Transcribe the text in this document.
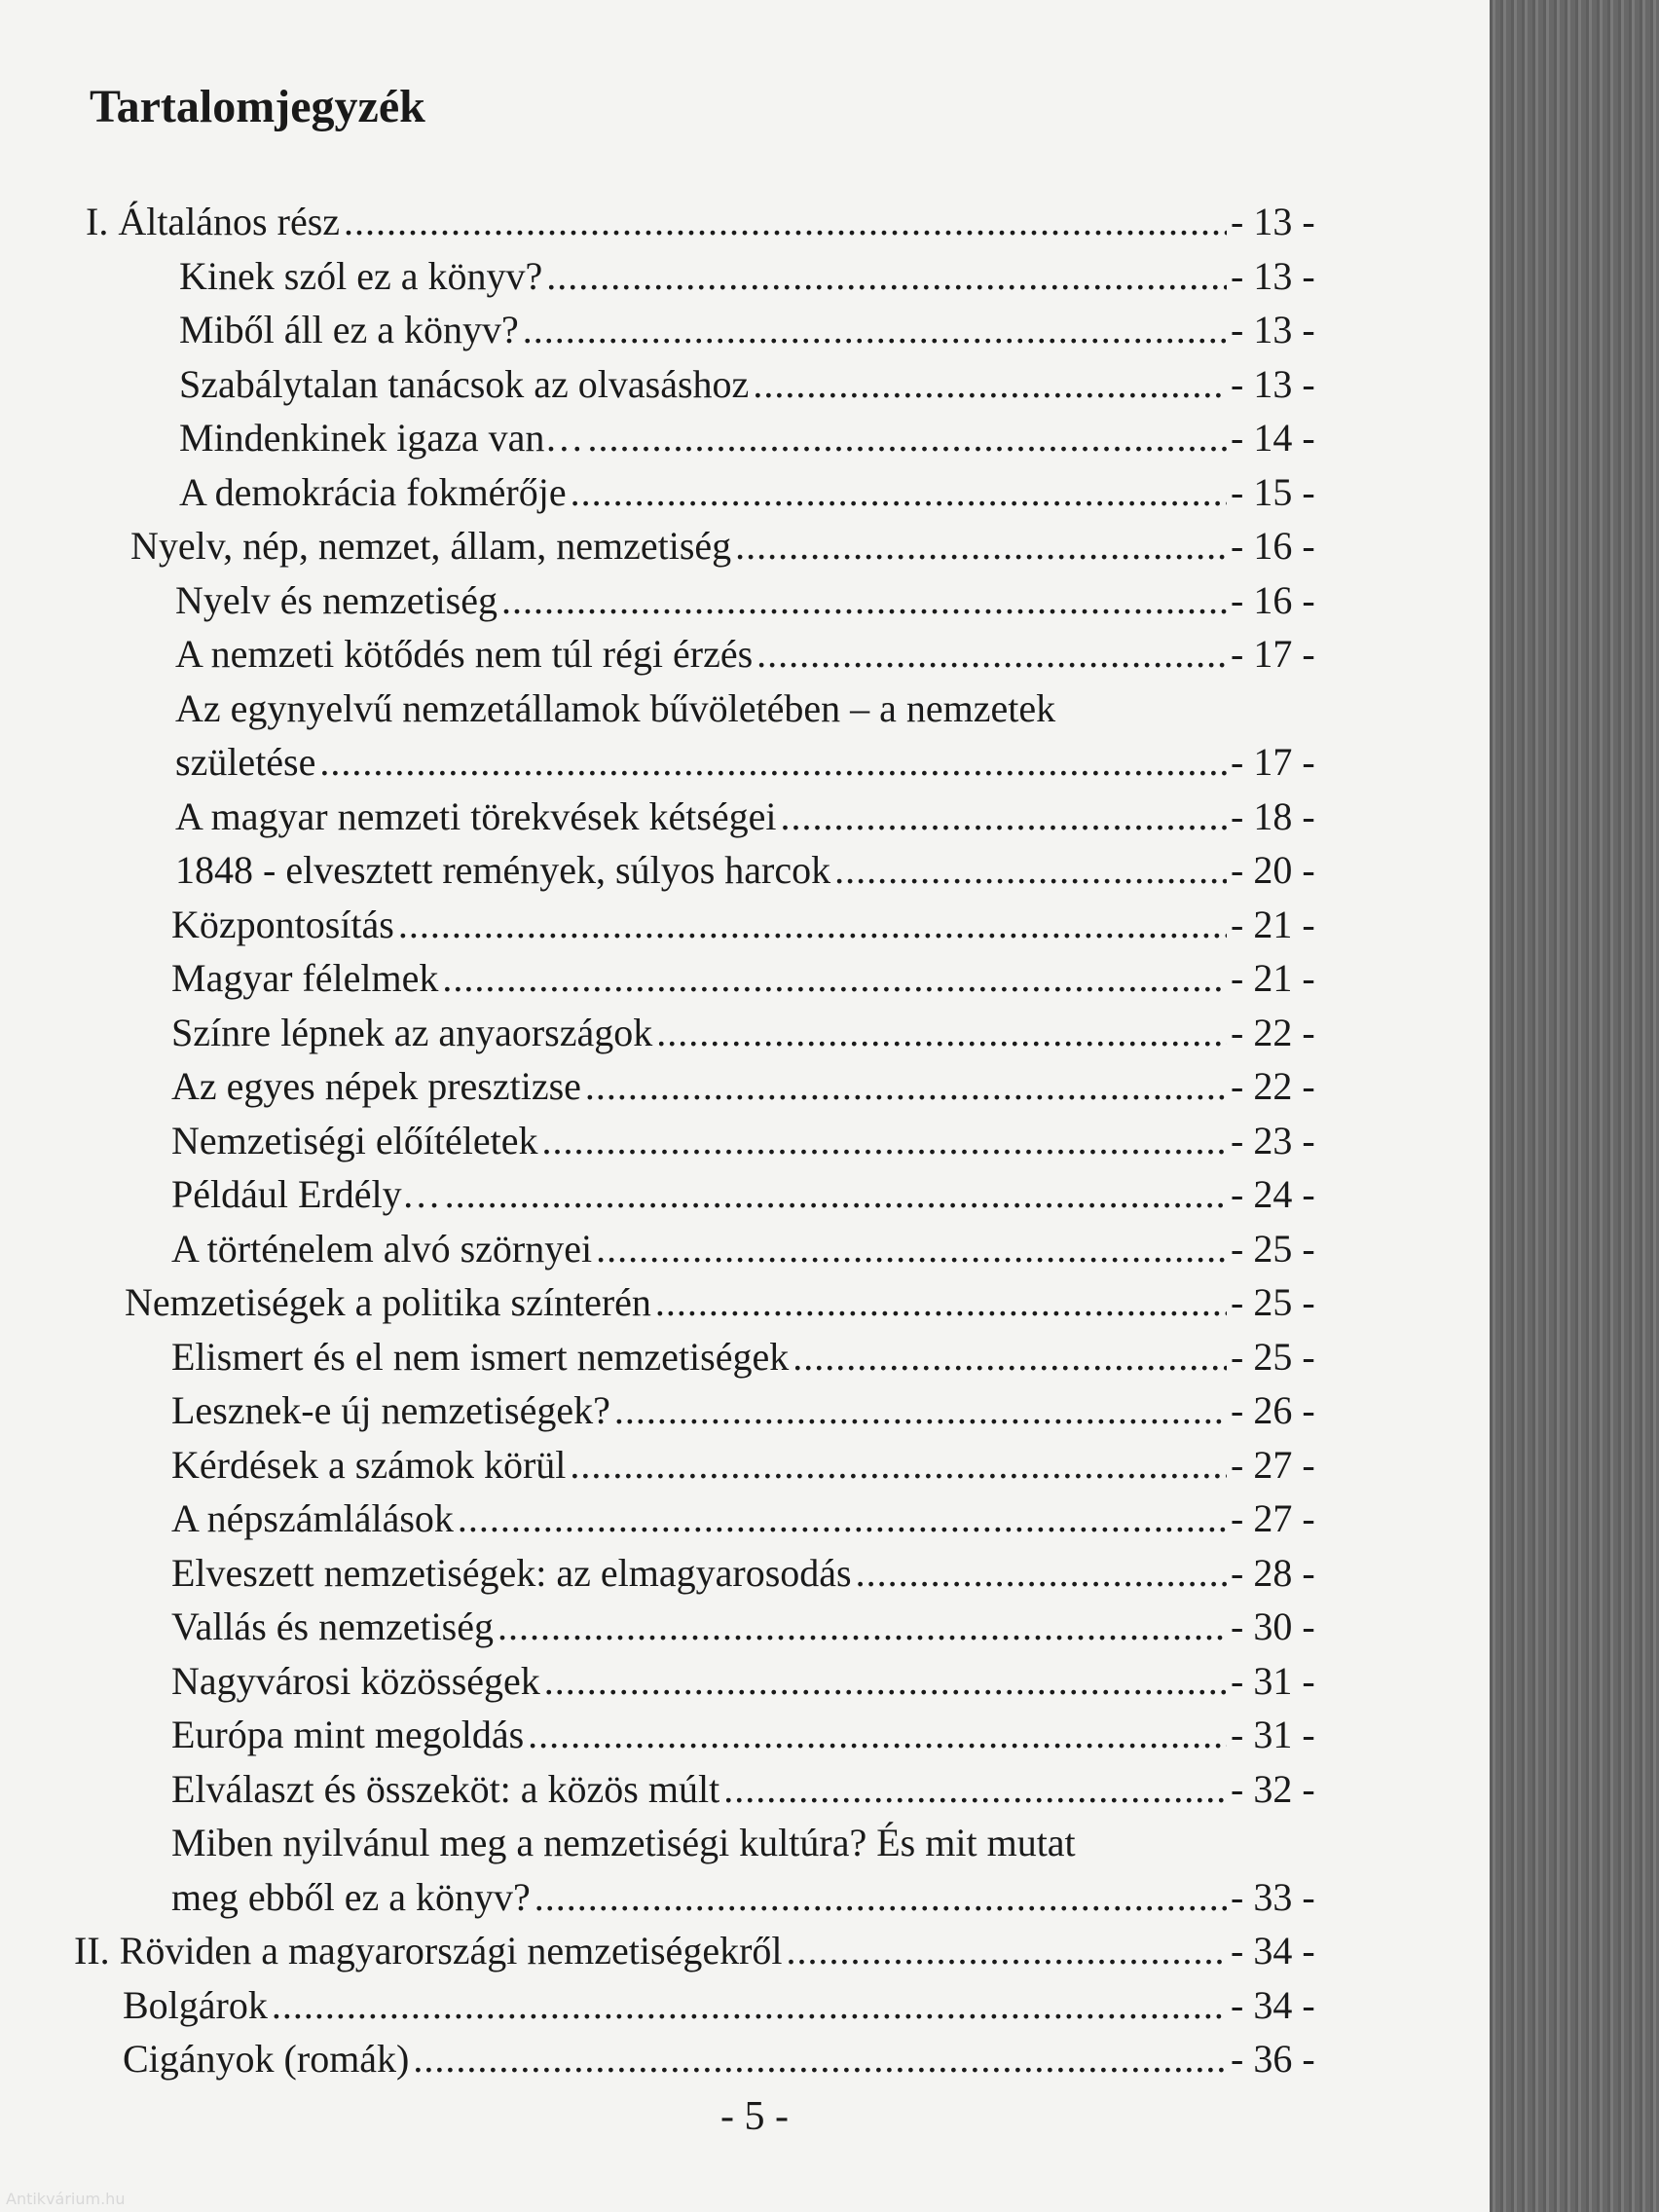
Tartalomjegyzék
I. Általános rész .....	- 13 -
Kinek szól ez a könyv? .....	- 13 -
Miből áll ez a könyv? .....	- 13 -
Szabálytalan tanácsok az olvasáshoz .....	- 13 -
Mindenkinek igaza van… .....	- 14 -
A demokrácia fokmérője .....	- 15 -
Nyelv, nép, nemzet, állam, nemzetiség .....	- 16 -
Nyelv és nemzetiség .....	- 16 -
A nemzeti kötődés nem túl régi érzés .....	- 17 -
Az egynyelvű nemzetállamok bűvöletében – a nemzetek
születése .....	- 17 -
A magyar nemzeti törekvések kétségei .....	- 18 -
1848 - elvesztett remények, súlyos harcok .....	- 20 -
Központosítás .....	- 21 -
Magyar félelmek .....	- 21 -
Színre lépnek az anyaországok .....	- 22 -
Az egyes népek presztizse .....	- 22 -
Nemzetiségi előítéletek .....	- 23 -
Például Erdély… .....	- 24 -
A történelem alvó szörnyei .....	- 25 -
Nemzetiségek a politika színterén .....	- 25 -
Elismert és el nem ismert nemzetiségek .....	- 25 -
Lesznek-e új nemzetiségek? .....	- 26 -
Kérdések a számok körül .....	- 27 -
A népszámlálások .....	- 27 -
Elveszett nemzetiségek: az elmagyarosodás .....	- 28 -
Vallás és nemzetiség .....	- 30 -
Nagyvárosi közösségek .....	- 31 -
Európa mint megoldás .....	- 31 -
Elválaszt és összeköt: a közös múlt .....	- 32 -
Miben nyilvánul meg a nemzetiségi kultúra? És mit mutat
meg ebből ez a könyv? .....	- 33 -
II. Röviden a magyarországi nemzetiségekről .....	- 34 -
Bolgárok .....	- 34 -
Cigányok (romák) .....	- 36 -
- 5 -
Antikvárium.hu
